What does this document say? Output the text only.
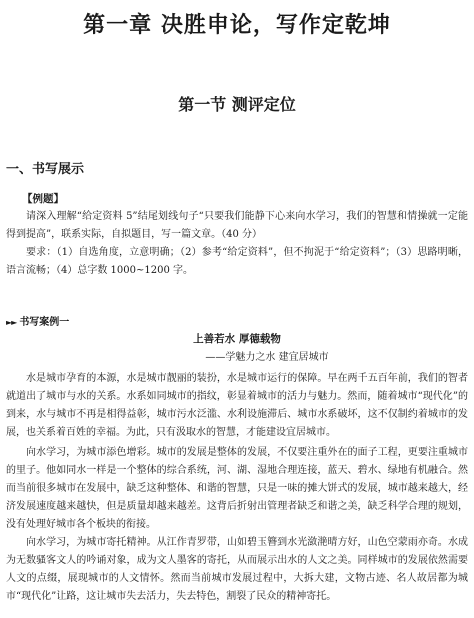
第一章 决胜申论，写作定乾坤
第一节 测评定位
一、书写展示
【例题】

请深入理解“给定资料 5”结尾划线句子“只要我们能静下心来向水学习，我们的智慧和情操就一定能得到提高”，联系实际，自拟题目，写一篇文章。（40 分）

要求：（1）自选角度，立意明确；（2）参考“给定资料”，但不拘泥于“给定资料”；（3）思路明晰，语言流畅；（4）总字数 1000~1200 字。

►► 书写案例一
上善若水 厚德载物
——学魅力之水 建宜居城市

水是城市孕育的本源，水是城市靓丽的装扮，水是城市运行的保障。早在两千五百年前，我们的智者就道出了城市与水的关系。水系如同城市的指纹，彰显着城市的活力与魅力。然而，随着城市“现代化”的到来，水与城市不再是相得益彰，城市污水泛滥、水利设施滞后、城市水系破坏，这不仅制约着城市的发展，也关系着百姓的幸福。为此，只有汲取水的智慧，才能建设宜居城市。

向水学习，为城市添色增彩。城市的发展是整体的发展，不仅要注重外在的面子工程，更要注重城市的里子。他如同水一样是一个整体的综合系统，河、湖、湿地合理连接，蓝天、碧水、绿地有机融合。然而当前很多城市在发展中，缺乏这种整体、和谐的智慧，只是一味的摊大饼式的发展，城市越来越大，经济发展速度越来越快，但是质量却越来越差。这背后折射出管理者缺乏和谐之美，缺乏科学合理的规划，没有处理好城市各个板块的衔接。

向水学习，为城市寄托精神。从江作青罗带，山如碧玉簪到水光潋滟晴方好，山色空蒙雨亦奇。水成为无数骚客文人的吟诵对象，成为文人墨客的寄托，从而展示出水的人文之美。同样城市的发展依然需要人文的点缀，展现城市的人文情怀。然而当前城市发展过程中，大拆大建，文物古迹、名人故居都为城市“现代化”让路，这让城市失去活力，失去特色，割裂了民众的精神寄托。
